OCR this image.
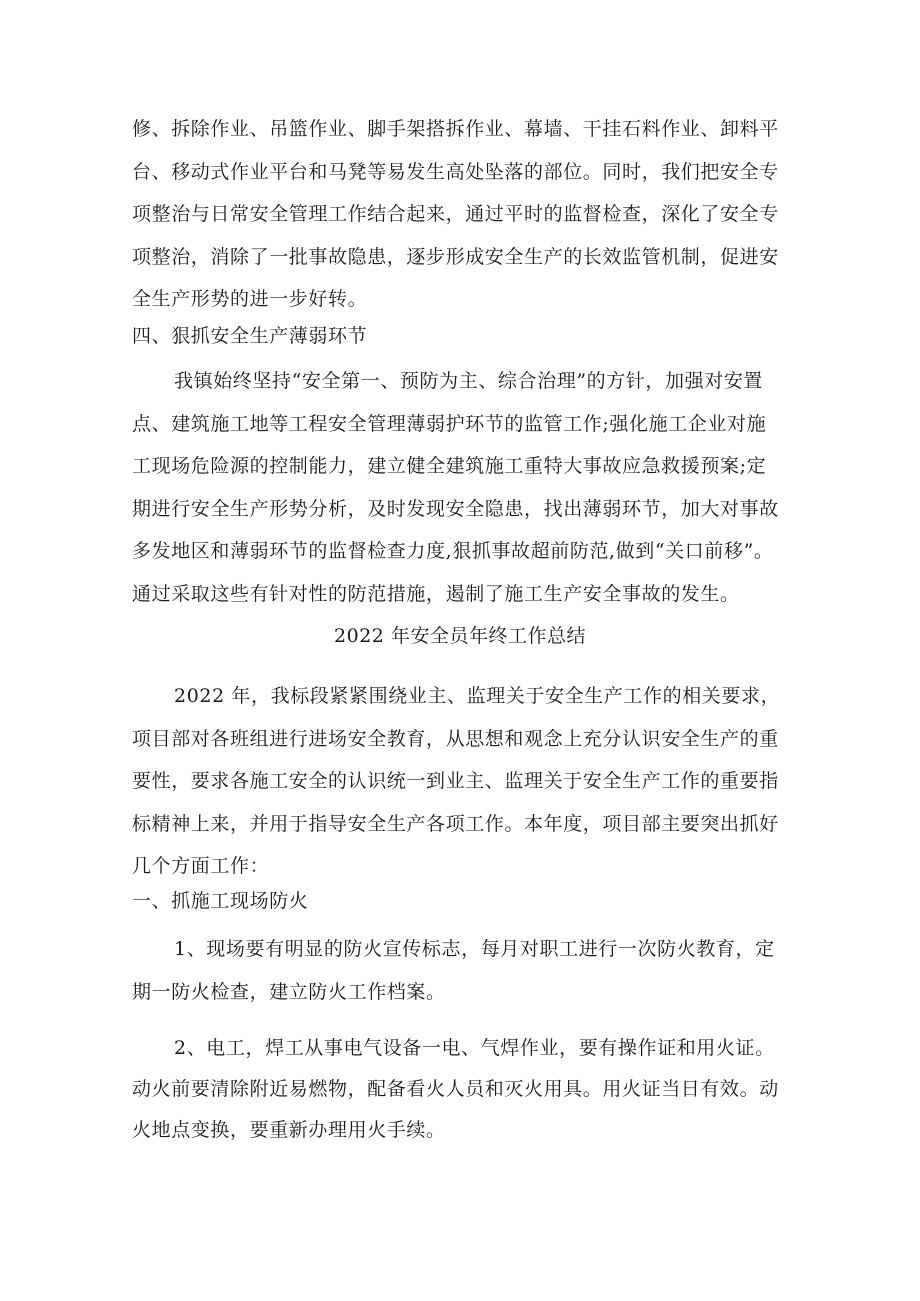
修、拆除作业、吊篮作业、脚手架搭拆作业、幕墙、干挂石料作业、卸料平
台、移动式作业平台和马凳等易发生高处坠落的部位。同时，我们把安全专
项整治与日常安全管理工作结合起来，通过平时的监督检查，深化了安全专
项整治，消除了一批事故隐患，逐步形成安全生产的长效监管机制，促进安
全生产形势的进一步好转。
四、狠抓安全生产薄弱环节
我镇始终坚持“安全第一、预防为主、综合治理”的方针，加强对安置
点、建筑施工地等工程安全管理薄弱护环节的监管工作;强化施工企业对施
工现场危险源的控制能力，建立健全建筑施工重特大事故应急救援预案;定
期进行安全生产形势分析，及时发现安全隐患，找出薄弱环节，加大对事故
多发地区和薄弱环节的监督检查力度,狠抓事故超前防范,做到“关口前移”。
通过采取这些有针对性的防范措施，遏制了施工生产安全事故的发生。
2022 年安全员年终工作总结
2022 年，我标段紧紧围绕业主、监理关于安全生产工作的相关要求，
项目部对各班组进行进场安全教育，从思想和观念上充分认识安全生产的重
要性，要求各施工安全的认识统一到业主、监理关于安全生产工作的重要指
标精神上来，并用于指导安全生产各项工作。本年度，项目部主要突出抓好
几个方面工作：
一、抓施工现场防火
1、现场要有明显的防火宣传标志，每月对职工进行一次防火教育，定
期一防火检查，建立防火工作档案。
2、电工，焊工从事电气设备一电、气焊作业，要有操作证和用火证。
动火前要清除附近易燃物，配备看火人员和灭火用具。用火证当日有效。动
火地点变换，要重新办理用火手续。
